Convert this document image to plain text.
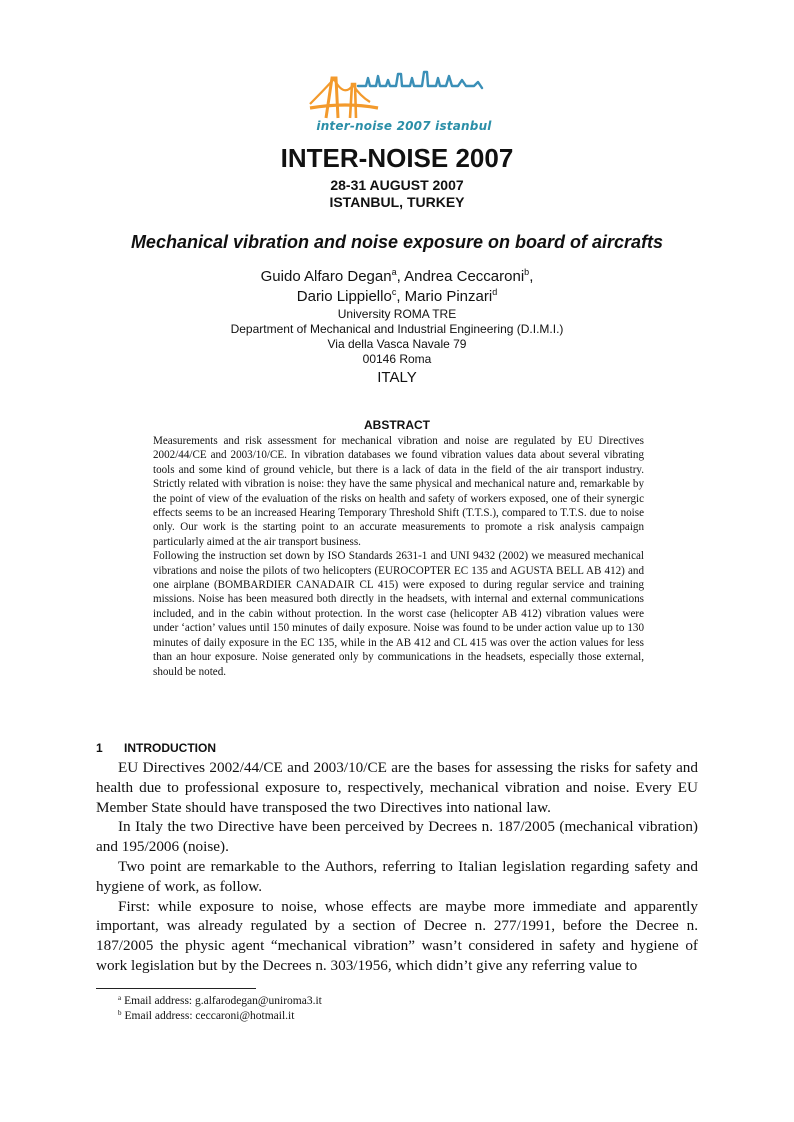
inter-noise 2007 istanbul
INTER-NOISE 2007
28-31 AUGUST 2007
ISTANBUL, TURKEY
Mechanical vibration and noise exposure on board of aircrafts
Guido Alfaro Degan$^a$, Andrea Ceccaroni$^b$,
Dario Lippiello$^c$, Mario Pinzari$^d$
University ROMA TRE
Department of Mechanical and Industrial Engineering (D.I.M.I.)
Via della Vasca Navale 79
00146 Roma
ITALY
ABSTRACT

Measurements and risk assessment for mechanical vibration and noise are regulated by EU Directives 2002/44/CE and 2003/10/CE. In vibration databases we found vibration values data about several vibrating tools and some kind of ground vehicle, but there is a lack of data in the field of the air transport industry. Strictly related with vibration is noise: they have the same physical and mechanical nature and, remarkable by the point of view of the evaluation of the risks on health and safety of workers exposed, one of their synergic effects seems to be an increased Hearing Temporary Threshold Shift (T.T.S.), compared to T.T.S. due to noise only. Our work is the starting point to an accurate measurements to promote a risk analysis campaign particularly aimed at the air transport business.

Following the instruction set down by ISO Standards 2631-1 and UNI 9432 (2002) we measured mechanical vibrations and noise the pilots of two helicopters (EUROCOPTER EC 135 and AGUSTA BELL AB 412) and one airplane (BOMBARDIER CANADAIR CL 415) were exposed to during regular service and training missions. Noise has been measured both directly in the headsets, with internal and external communications included, and in the cabin without protection. In the worst case (helicopter AB 412) vibration values were under ‘action’ values until 150 minutes of daily exposure. Noise was found to be under action value up to 130 minutes of daily exposure in the EC 135, while in the AB 412 and CL 415 was over the action values for less than an hour exposure. Noise generated only by communications in the headsets, especially those external, should be noted.

1 INTRODUCTION

EU Directives 2002/44/CE and 2003/10/CE are the bases for assessing the risks for safety and health due to professional exposure to, respectively, mechanical vibration and noise. Every EU Member State should have transposed the two Directives into national law.

In Italy the two Directive have been perceived by Decrees n. 187/2005 (mechanical vibration) and 195/2006 (noise).

Two point are remarkable to the Authors, referring to Italian legislation regarding safety and hygiene of work, as follow.

First: while exposure to noise, whose effects are maybe more immediate and apparently important, was already regulated by a section of Decree n. 277/1991, before the Decree n. 187/2005 the physic agent “mechanical vibration” wasn’t considered in safety and hygiene of work legislation but by the Decrees n. 303/1956, which didn’t give any referring value to

$^a$ Email address: g.alfarodegan@uniroma3.it
$^b$ Email address: ceccaroni@hotmail.it
